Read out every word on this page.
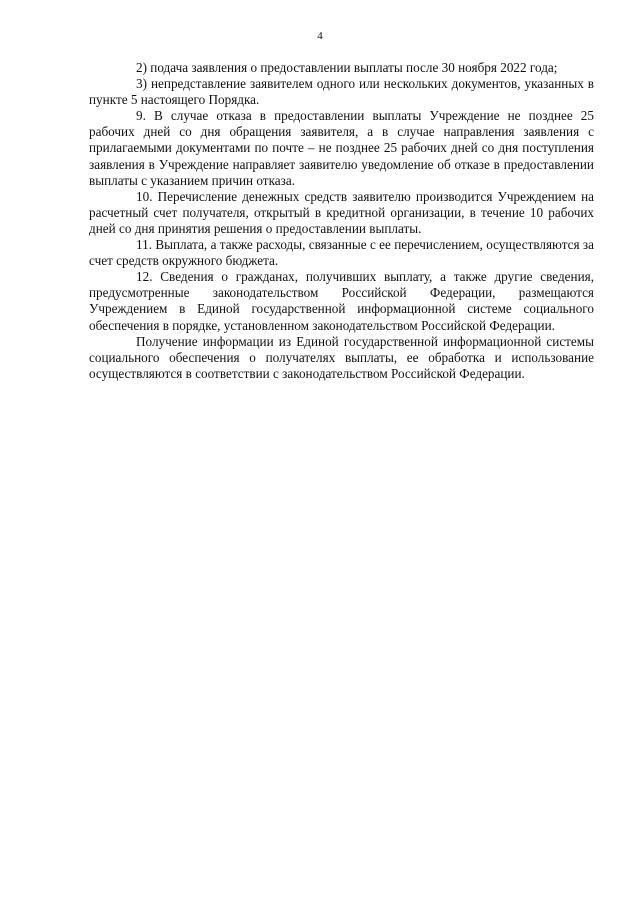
4

2) подача заявления о предоставлении выплаты после 30 ноября 2022 года;

3) непредставление заявителем одного или нескольких документов, указанных в пункте 5 настоящего Порядка.

9. В случае отказа в предоставлении выплаты Учреждение не позднее 25 рабочих дней со дня обращения заявителя, а в случае направления заявления с прилагаемыми документами по почте – не позднее 25 рабочих дней со дня поступления заявления в Учреждение направляет заявителю уведомление об отказе в предоставлении выплаты с указанием причин отказа.

10. Перечисление денежных средств заявителю производится Учреждением на расчетный счет получателя, открытый в кредитной организации, в течение 10 рабочих дней со дня принятия решения о предоставлении выплаты.

11. Выплата, а также расходы, связанные с ее перечислением, осуществляются за счет средств окружного бюджета.

12. Сведения о гражданах, получивших выплату, а также другие сведения, предусмотренные законодательством Российской Федерации, размещаются Учреждением в Единой государственной информационной системе социального обеспечения в порядке, установленном законодательством Российской Федерации.

Получение информации из Единой государственной информационной системы социального обеспечения о получателях выплаты, ее обработка и использование осуществляются в соответствии с законодательством Российской Федерации.
